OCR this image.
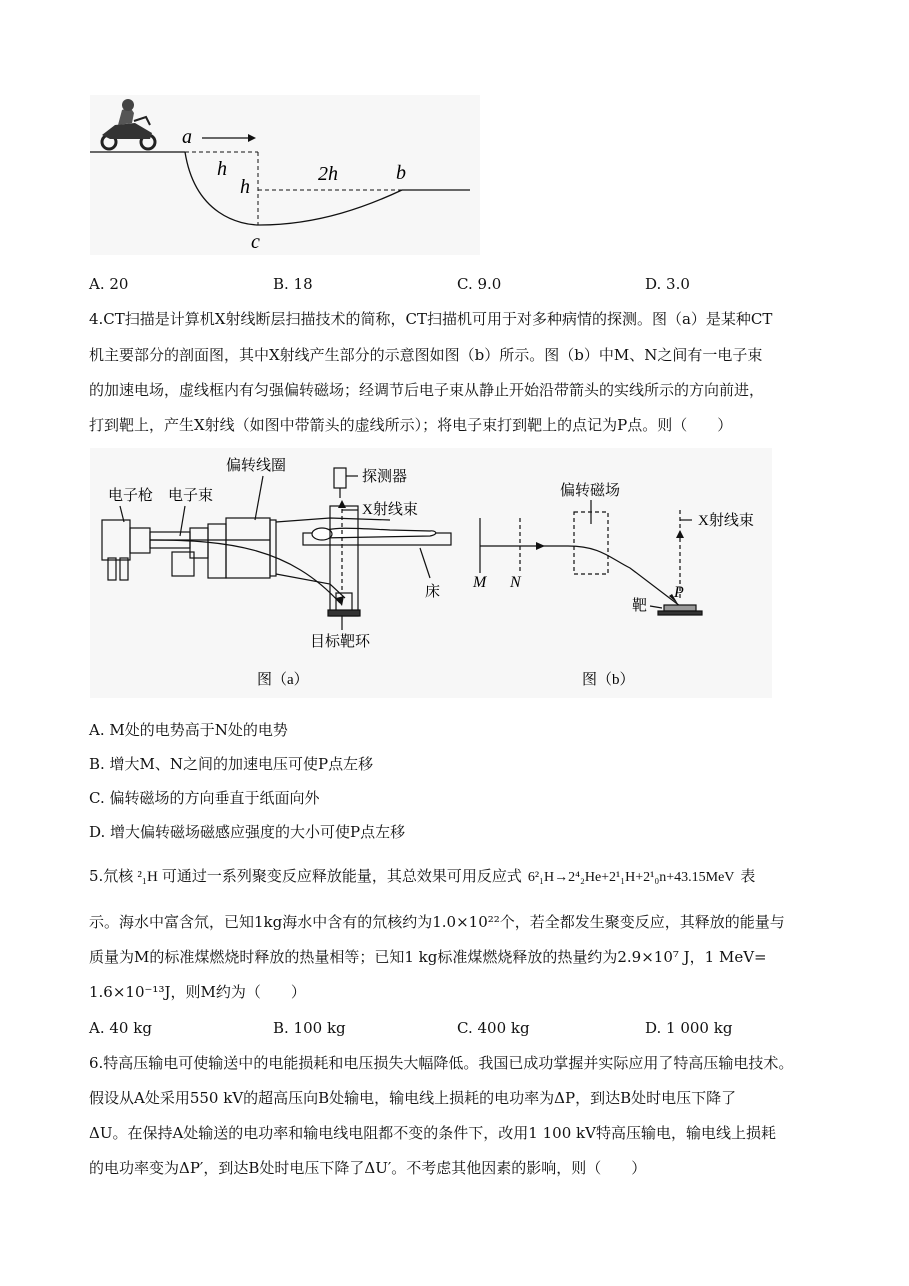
a
h
h
2h	b
c
A. 20	B. 18	C. 9.0	D. 3.0
4.CT扫描是计算机X射线断层扫描技术的简称，CT扫描机可用于对多种病情的探测。图（a）是某种CT
机主要部分的剖面图，其中X射线产生部分的示意图如图（b）所示。图（b）中M、N之间有一电子束
的加速电场，虚线框内有匀强偏转磁场；经调节后电子束从静止开始沿带箭头的实线所示的方向前进，
打到靶上，产生X射线（如图中带箭头的虚线所示）；将电子束打到靶上的点记为P点。则（　　）
电子枪 电子束
偏转线圈
探测器
X射线束
床
目标靶环
图（a）
偏转磁场
X射线束
M N
P
靶
图（b）
A. M处的电势高于N处的电势
B. 增大M、N之间的加速电压可使P点左移
C. 偏转磁场的方向垂直于纸面向外
D. 增大偏转磁场磁感应强度的大小可使P点左移
5.氘核 ²₁H 可通过一系列聚变反应释放能量，其总效果可用反应式 6²₁H→2⁴₂He+2¹₁H+2¹₀n+43.15MeV 表
示。海水中富含氘，已知1kg海水中含有的氘核约为1.0×10²²个，若全都发生聚变反应，其释放的能量与
质量为M的标准煤燃烧时释放的热量相等；已知1 kg标准煤燃烧释放的热量约为2.9×10⁷ J，1 MeV=
1.6×10⁻¹³J，则M约为（　　）
A. 40 kg	B. 100 kg	C. 400 kg	D. 1 000 kg
6.特高压输电可使输送中的电能损耗和电压损失大幅降低。我国已成功掌握并实际应用了特高压输电技术。
假设从A处采用550 kV的超高压向B处输电，输电线上损耗的电功率为ΔP，到达B处时电压下降了
ΔU。在保持A处输送的电功率和输电线电阻都不变的条件下，改用1 100 kV特高压输电，输电线上损耗
的电功率变为ΔP′，到达B处时电压下降了ΔU′。不考虑其他因素的影响，则（　　）
